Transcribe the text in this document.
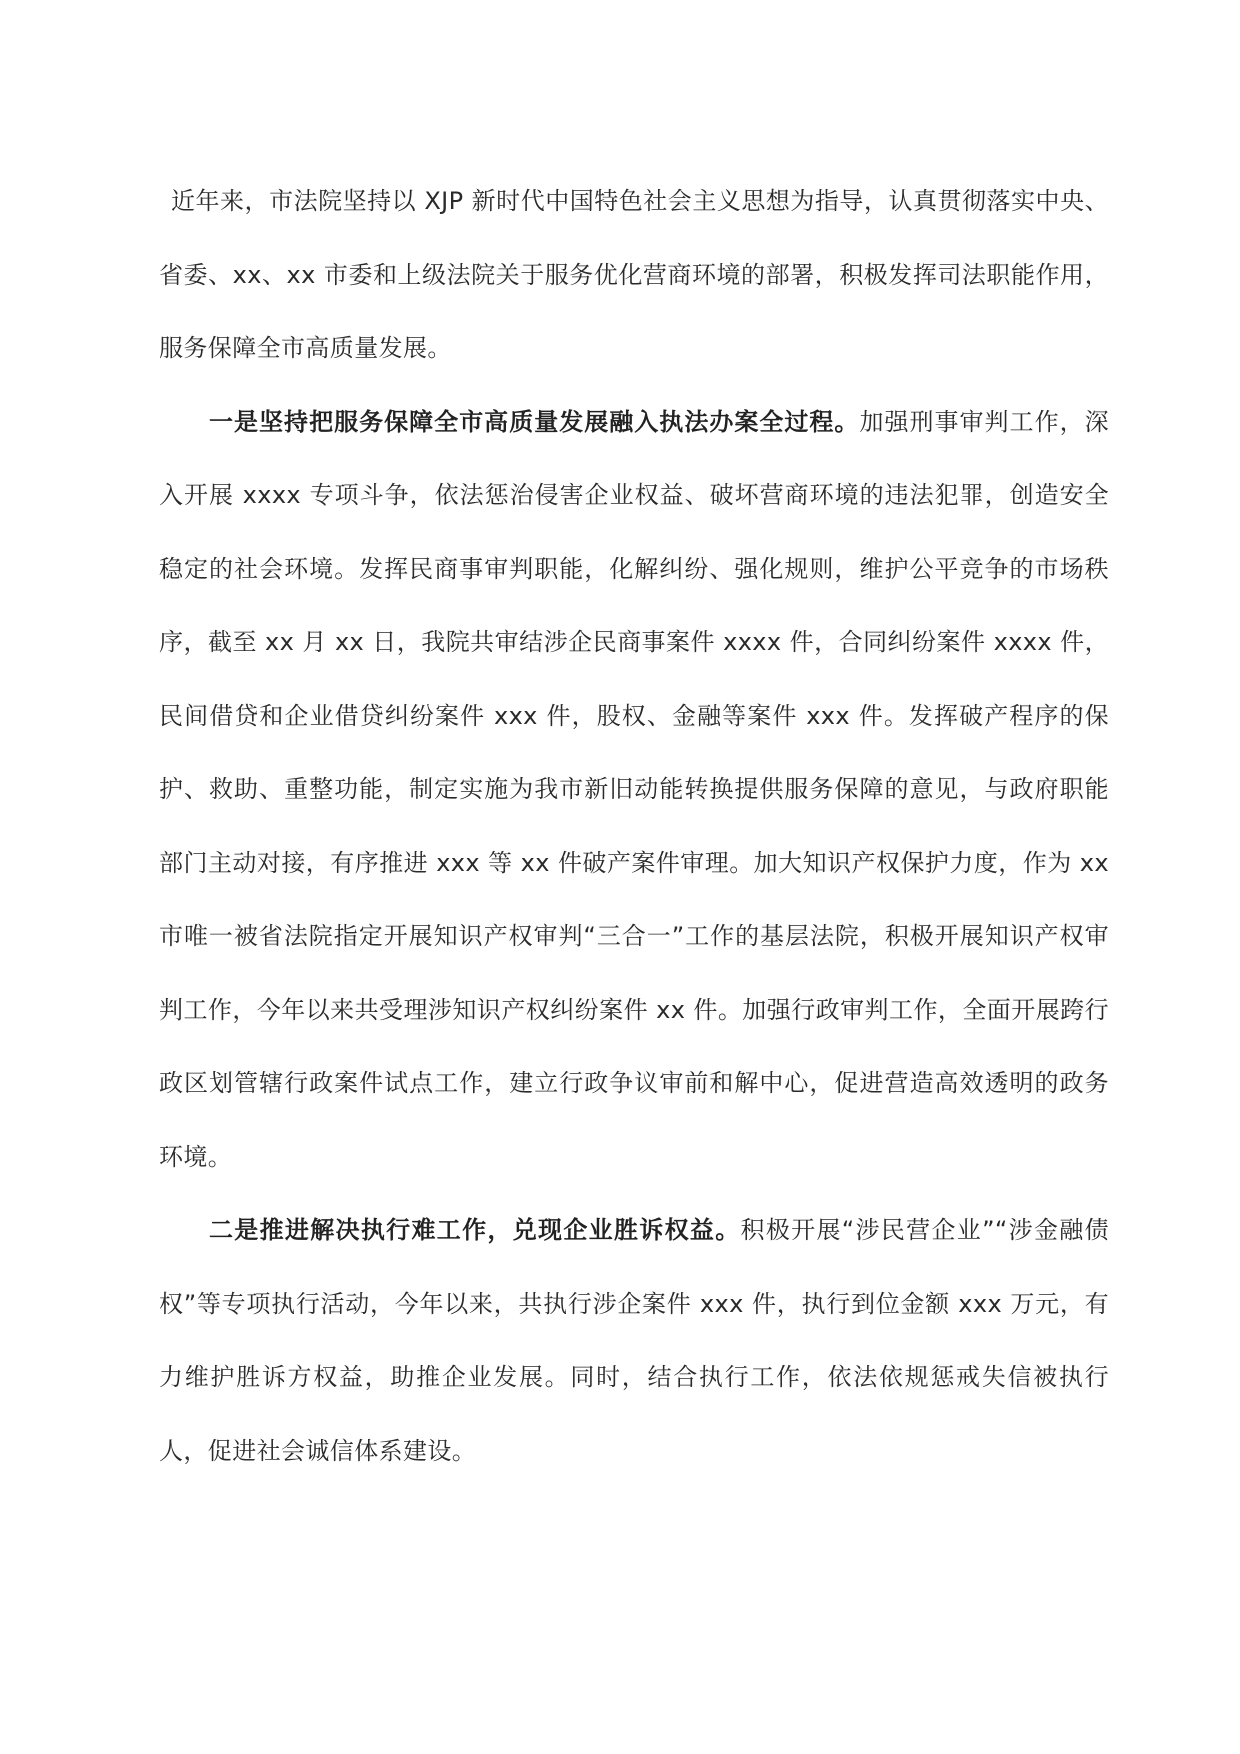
近年来，市法院坚持以 XJP 新时代中国特色社会主义思想为指导，认真贯彻落实中央、省委、xx、xx 市委和上级法院关于服务优化营商环境的部署，积极发挥司法职能作用，服务保障全市高质量发展。

一是坚持把服务保障全市高质量发展融入执法办案全过程。加强刑事审判工作，深入开展 xxxx 专项斗争，依法惩治侵害企业权益、破坏营商环境的违法犯罪，创造安全稳定的社会环境。发挥民商事审判职能，化解纠纷、强化规则，维护公平竞争的市场秩序，截至 xx 月 xx 日，我院共审结涉企民商事案件 xxxx 件，合同纠纷案件 xxxx 件，民间借贷和企业借贷纠纷案件 xxx 件，股权、金融等案件 xxx 件。发挥破产程序的保护、救助、重整功能，制定实施为我市新旧动能转换提供服务保障的意见，与政府职能部门主动对接，有序推进 xxx 等 xx 件破产案件审理。加大知识产权保护力度，作为 xx 市唯一被省法院指定开展知识产权审判“三合一”工作的基层法院，积极开展知识产权审判工作，今年以来共受理涉知识产权纠纷案件 xx 件。加强行政审判工作，全面开展跨行政区划管辖行政案件试点工作，建立行政争议审前和解中心，促进营造高效透明的政务环境。

二是推进解决执行难工作，兑现企业胜诉权益。积极开展“涉民营企业”“涉金融债权”等专项执行活动，今年以来，共执行涉企案件 xxx 件，执行到位金额 xxx 万元，有力维护胜诉方权益，助推企业发展。同时，结合执行工作，依法依规惩戒失信被执行人，促进社会诚信体系建设。
